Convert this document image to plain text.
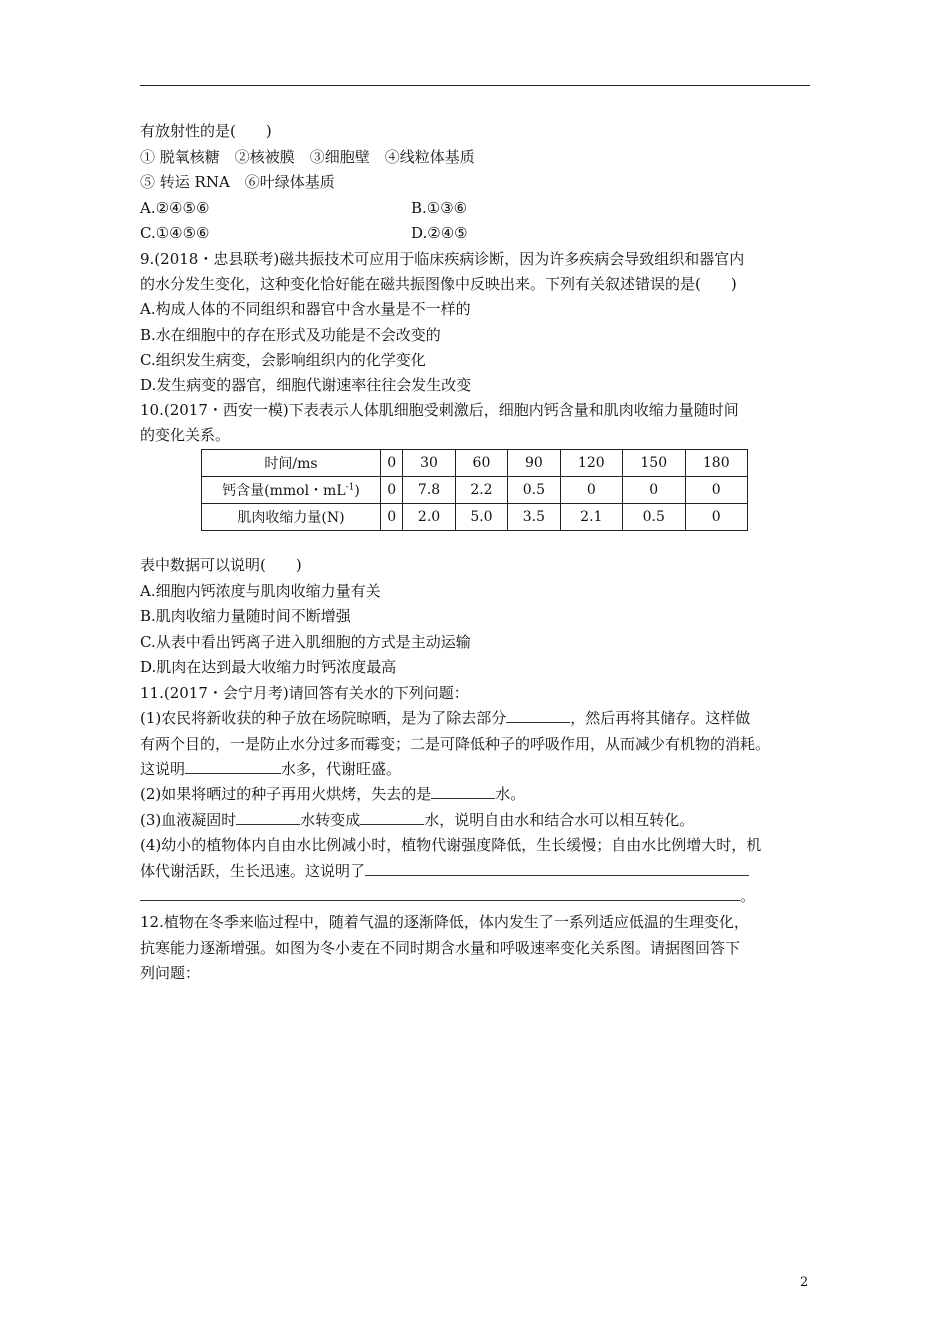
有放射性的是(　　)
① 脱氧核糖　②核被膜　③细胞壁　④线粒体基质
⑤ 转运 RNA　⑥叶绿体基质
A.②④⑤⑥	B.①③⑥
C.①④⑤⑥	D.②④⑤
9.(2018・忠县联考)磁共振技术可应用于临床疾病诊断，因为许多疾病会导致组织和器官内
的水分发生变化，这种变化恰好能在磁共振图像中反映出来。下列有关叙述错误的是(　　)
A.构成人体的不同组织和器官中含水量是不一样的
B.水在细胞中的存在形式及功能是不会改变的
C.组织发生病变，会影响组织内的化学变化
D.发生病变的器官，细胞代谢速率往往会发生改变
10.(2017・西安一模)下表表示人体肌细胞受刺激后，细胞内钙含量和肌肉收缩力量随时间
的变化关系。
时间/ms	0	30	60	90	120	150	180
钙含量(mmol・$mL^{-1}$)	0	7.8	2.2	0.5	0	0	0
肌肉收缩力量(N)	0	2.0	5.0	3.5	2.1	0.5	0
表中数据可以说明(　　)
A.细胞内钙浓度与肌肉收缩力量有关
B.肌肉收缩力量随时间不断增强
C.从表中看出钙离子进入肌细胞的方式是主动运输
D.肌肉在达到最大收缩力时钙浓度最高
11.(2017・会宁月考)请回答有关水的下列问题：
(1)农民将新收获的种子放在场院晾晒，是为了除去部分	，然后再将其储存。这样做
有两个目的，一是防止水分过多而霉变；二是可降低种子的呼吸作用，从而减少有机物的消耗。
这说明	水多，代谢旺盛。
(2)如果将晒过的种子再用火烘烤，失去的是	水。
(3)血液凝固时	水转变成	水，说明自由水和结合水可以相互转化。
(4)幼小的植物体内自由水比例减小时，植物代谢强度降低，生长缓慢；自由水比例增大时，机
体代谢活跃，生长迅速。这说明了
。
12.植物在冬季来临过程中，随着气温的逐渐降低，体内发生了一系列适应低温的生理变化，
抗寒能力逐渐增强。如图为冬小麦在不同时期含水量和呼吸速率变化关系图。请据图回答下
列问题：
2
